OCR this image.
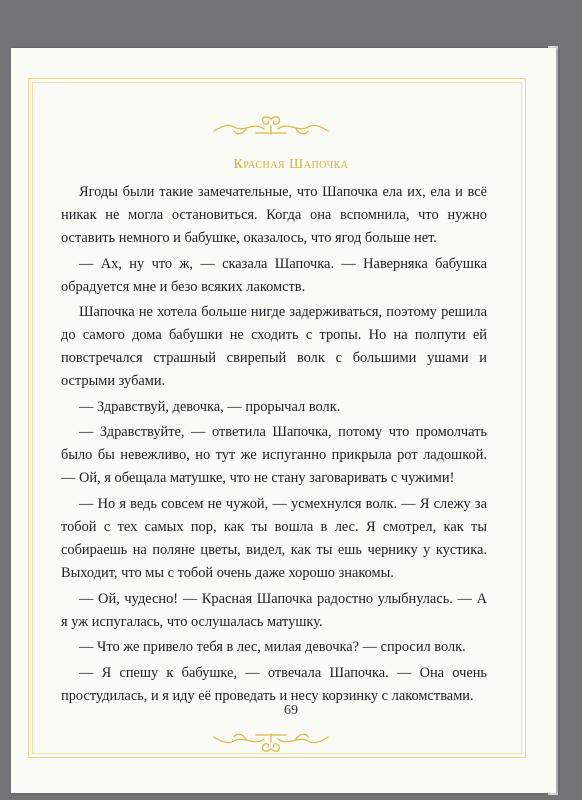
Красная Шапочка

Ягоды были такие замечательные, что Шапочка ела их, ела и всё никак не могла остановиться. Когда она вспомнила, что нужно оставить немного и бабушке, оказалось, что ягод больше нет.

— Ах, ну что ж, — сказала Шапочка. — Наверняка бабушка обрадуется мне и безо всяких лакомств.

Шапочка не хотела больше нигде задерживаться, поэтому решила до самого дома бабушки не сходить с тропы. Но на полпути ей повстречался страшный свирепый волк с большими ушами и острыми зубами.

— Здравствуй, девочка, — прорычал волк.

— Здравствуйте, — ответила Шапочка, потому что промолчать было бы невежливо, но тут же испуганно прикрыла рот ладошкой. — Ой, я обещала матушке, что не стану заговаривать с чужими!

— Но я ведь совсем не чужой, — усмехнулся волк. — Я слежу за тобой с тех самых пор, как ты вошла в лес. Я смотрел, как ты собираешь на поляне цветы, видел, как ты ешь чернику у кустика. Выходит, что мы с тобой очень даже хорошо знакомы.

— Ой, чудесно! — Красная Шапочка радостно улыбнулась. — А я уж испугалась, что ослушалась матушку.

— Что же привело тебя в лес, милая девочка? — спросил волк.

— Я спешу к бабушке, — отвечала Шапочка. — Она очень простудилась, и я иду её проведать и несу корзинку с лакомствами.

69
